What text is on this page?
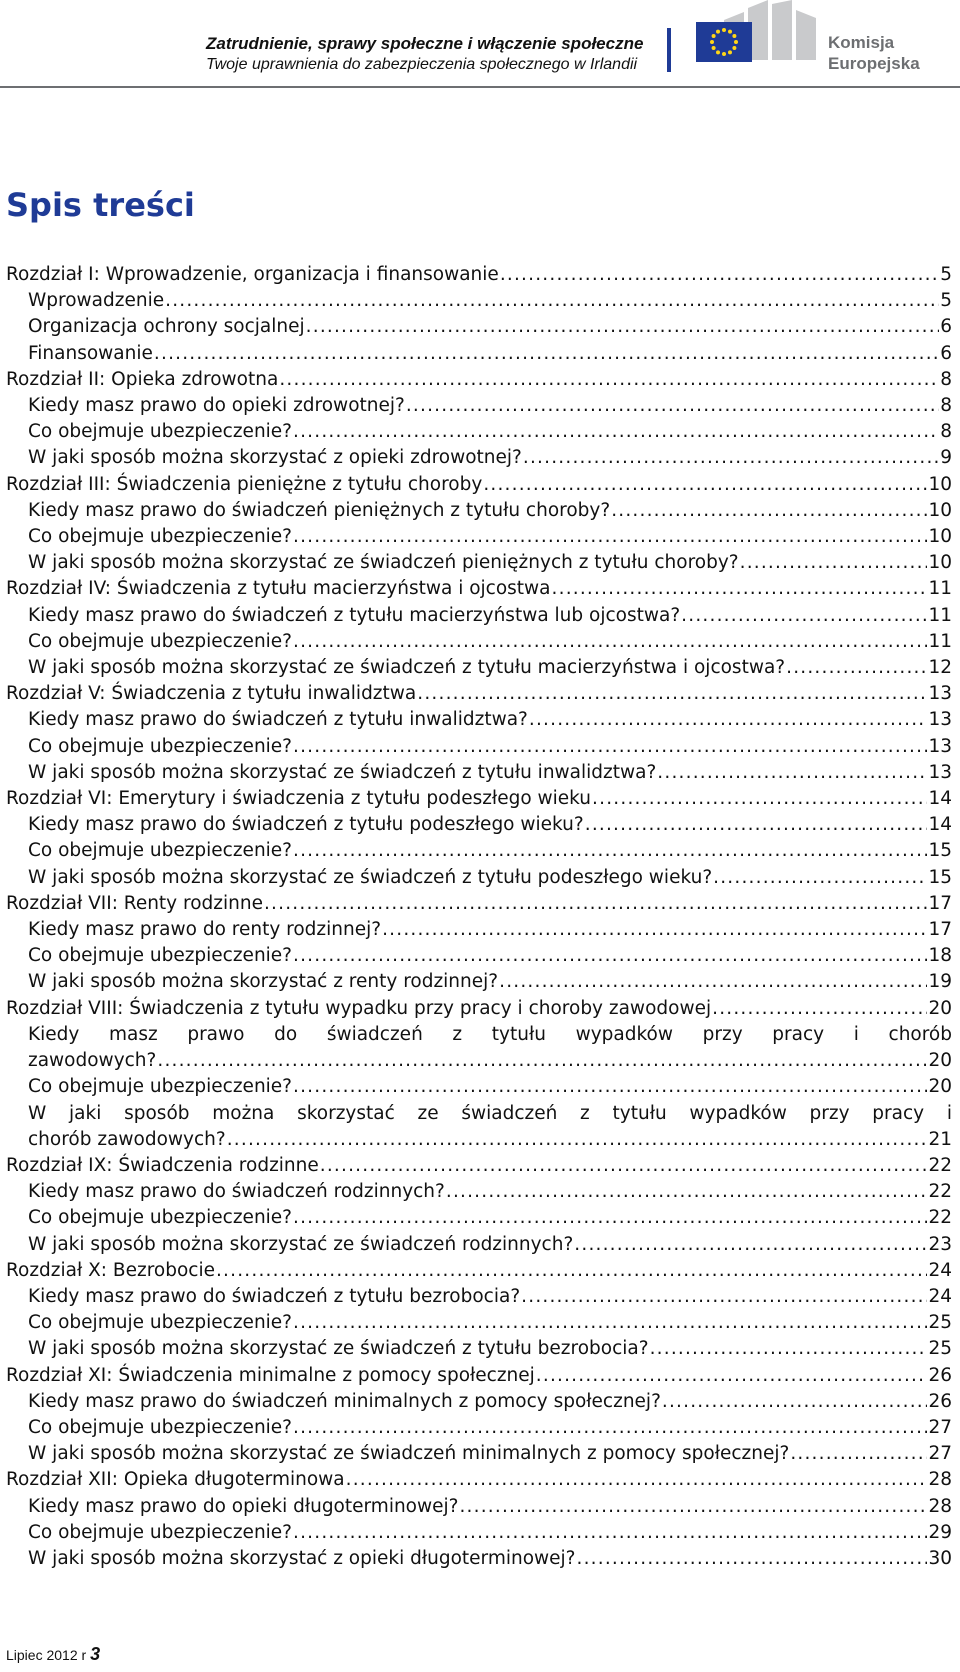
Zatrudnienie, sprawy społeczne i włączenie społeczne
Twoje uprawnienia do zabezpieczenia społecznego w Irlandii
Komisja
Europejska
Spis treści
Rozdział I: Wprowadzenie, organizacja i finansowanie .....	5
Wprowadzenie .....	5
Organizacja ochrony socjalnej .....	6
Finansowanie .....	6
Rozdział II: Opieka zdrowotna .....	8
Kiedy masz prawo do opieki zdrowotnej? .....	8
Co obejmuje ubezpieczenie? .....	8
W jaki sposób można skorzystać z opieki zdrowotnej? .....	9
Rozdział III: Świadczenia pieniężne z tytułu choroby .....	10
Kiedy masz prawo do świadczeń pieniężnych z tytułu choroby? .....	10
Co obejmuje ubezpieczenie? .....	10
W jaki sposób można skorzystać ze świadczeń pieniężnych z tytułu choroby? .....	10
Rozdział IV: Świadczenia z tytułu macierzyństwa i ojcostwa .....	11
Kiedy masz prawo do świadczeń z tytułu macierzyństwa lub ojcostwa? .....	11
Co obejmuje ubezpieczenie? .....	11
W jaki sposób można skorzystać ze świadczeń z tytułu macierzyństwa i ojcostwa? .....	12
Rozdział V: Świadczenia z tytułu inwalidztwa .....	13
Kiedy masz prawo do świadczeń z tytułu inwalidztwa? .....	13
Co obejmuje ubezpieczenie? .....	13
W jaki sposób można skorzystać ze świadczeń z tytułu inwalidztwa? .....	13
Rozdział VI: Emerytury i świadczenia z tytułu podeszłego wieku .....	14
Kiedy masz prawo do świadczeń z tytułu podeszłego wieku? .....	14
Co obejmuje ubezpieczenie? .....	15
W jaki sposób można skorzystać ze świadczeń z tytułu podeszłego wieku? .....	15
Rozdział VII: Renty rodzinne .....	17
Kiedy masz prawo do renty rodzinnej? .....	17
Co obejmuje ubezpieczenie? .....	18
W jaki sposób można skorzystać z renty rodzinnej? .....	19
Rozdział VIII: Świadczenia z tytułu wypadku przy pracy i choroby zawodowej .....	20
Kiedy masz prawo do świadczeń z tytułu wypadków przy pracy i chorób
zawodowych? .....	20
Co obejmuje ubezpieczenie? .....	20
W jaki sposób można skorzystać ze świadczeń z tytułu wypadków przy pracy i
chorób zawodowych? .....	21
Rozdział IX: Świadczenia rodzinne .....	22
Kiedy masz prawo do świadczeń rodzinnych? .....	22
Co obejmuje ubezpieczenie? .....	22
W jaki sposób można skorzystać ze świadczeń rodzinnych? .....	23
Rozdział X: Bezrobocie .....	24
Kiedy masz prawo do świadczeń z tytułu bezrobocia? .....	24
Co obejmuje ubezpieczenie? .....	25
W jaki sposób można skorzystać ze świadczeń z tytułu bezrobocia? .....	25
Rozdział XI: Świadczenia minimalne z pomocy społecznej .....	26
Kiedy masz prawo do świadczeń minimalnych z pomocy społecznej? .....	26
Co obejmuje ubezpieczenie? .....	27
W jaki sposób można skorzystać ze świadczeń minimalnych z pomocy społecznej? .....	27
Rozdział XII: Opieka długoterminowa .....	28
Kiedy masz prawo do opieki długoterminowej? .....	28
Co obejmuje ubezpieczenie? .....	29
W jaki sposób można skorzystać z opieki długoterminowej? .....	30
Lipiec 2012 r 3
